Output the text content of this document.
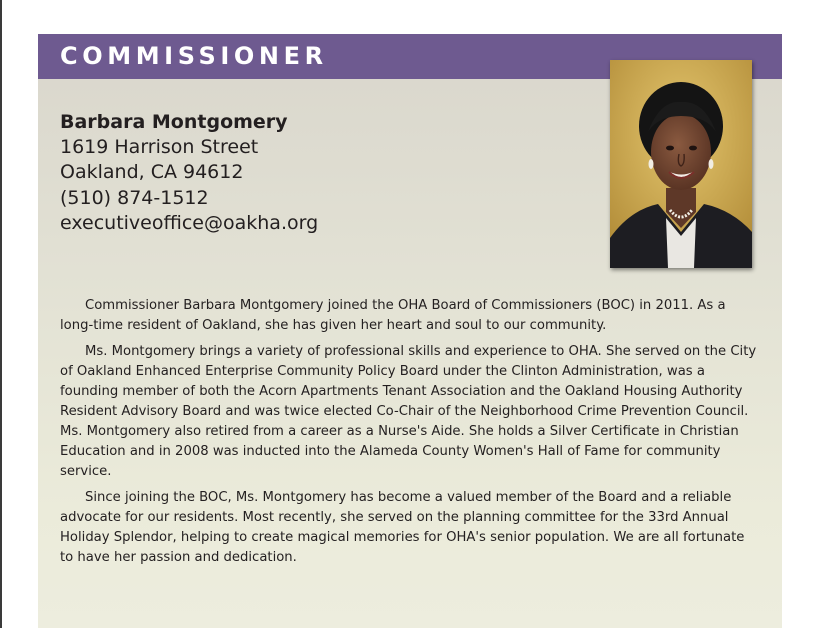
COMMISSIONER
Barbara Montgomery
1619 Harrison Street
Oakland, CA 94612
(510) 874-1512
executiveoffice@oakha.org

Commissioner Barbara Montgomery joined the OHA Board of Commissioners (BOC) in 2011. As a long-time resident of Oakland, she has given her heart and soul to our community.

Ms. Montgomery brings a variety of professional skills and experience to OHA. She served on the City of Oakland Enhanced Enterprise Community Policy Board under the Clinton Administration, was a founding member of both the Acorn Apartments Tenant Association and the Oakland Housing Authority Resident Advisory Board and was twice elected Co-Chair of the Neighborhood Crime Prevention Council. Ms. Montgomery also retired from a career as a Nurse's Aide. She holds a Silver Certificate in Christian Education and in 2008 was inducted into the Alameda County Women's Hall of Fame for community service.

Since joining the BOC, Ms. Montgomery has become a valued member of the Board and a reliable advocate for our residents. Most recently, she served on the planning committee for the 33rd Annual Holiday Splendor, helping to create magical memories for OHA's senior population. We are all fortunate to have her passion and dedication.
